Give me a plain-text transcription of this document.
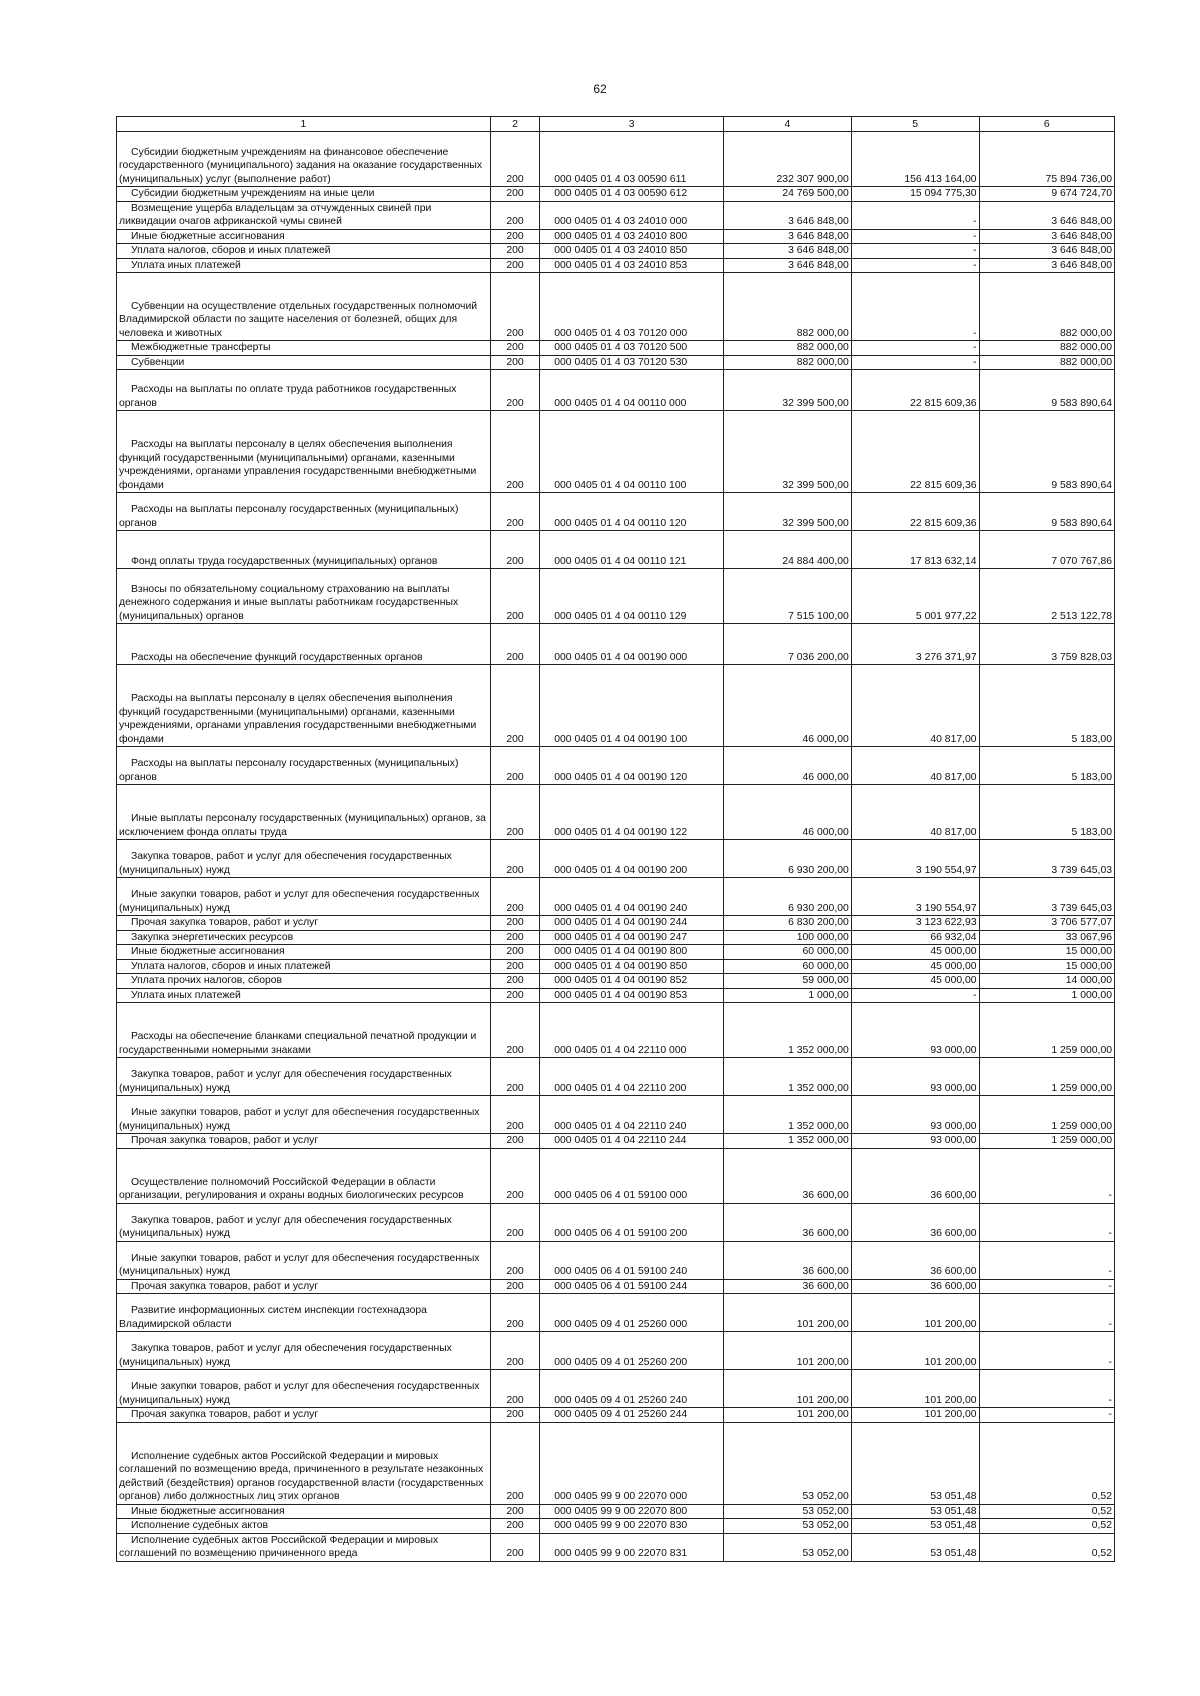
62
1	2	3	4	5	6

Субсидии бюджетным учреждениям на финансовое обеспечение государственного (муниципального) задания на оказание государственных (муниципальных) услуг (выполнение работ)	200	000 0405 01 4 03 00590 611	232 307 900,00	156 413 164,00	75 894 736,00

Субсидии бюджетным учреждениям на иные цели	200	000 0405 01 4 03 00590 612	24 769 500,00	15 094 775,30	9 674 724,70

Возмещение ущерба владельцам за отчужденных свиней при ликвидации очагов африканской чумы свиней	200	000 0405 01 4 03 24010 000	3 646 848,00	-	3 646 848,00

Иные бюджетные ассигнования	200	000 0405 01 4 03 24010 800	3 646 848,00	-	3 646 848,00

Уплата налогов, сборов и иных платежей	200	000 0405 01 4 03 24010 850	3 646 848,00	-	3 646 848,00

Уплата иных платежей	200	000 0405 01 4 03 24010 853	3 646 848,00	-	3 646 848,00

Субвенции на осуществление отдельных государственных полномочий Владимирской области по защите населения от болезней, общих для человека и животных	200	000 0405 01 4 03 70120 000	882 000,00	-	882 000,00

Межбюджетные трансферты	200	000 0405 01 4 03 70120 500	882 000,00	-	882 000,00

Субвенции	200	000 0405 01 4 03 70120 530	882 000,00	-	882 000,00

Расходы на выплаты по оплате труда работников государственных органов	200	000 0405 01 4 04 00110 000	32 399 500,00	22 815 609,36	9 583 890,64

Расходы на выплаты персоналу в целях обеспечения выполнения функций государственными (муниципальными) органами, казенными учреждениями, органами управления государственными внебюджетными фондами	200	000 0405 01 4 04 00110 100	32 399 500,00	22 815 609,36	9 583 890,64

Расходы на выплаты персоналу государственных (муниципальных) органов	200	000 0405 01 4 04 00110 120	32 399 500,00	22 815 609,36	9 583 890,64

Фонд оплаты труда государственных (муниципальных) органов	200	000 0405 01 4 04 00110 121	24 884 400,00	17 813 632,14	7 070 767,86

Взносы по обязательному социальному страхованию на выплаты денежного содержания и иные выплаты работникам государственных (муниципальных) органов	200	000 0405 01 4 04 00110 129	7 515 100,00	5 001 977,22	2 513 122,78

Расходы на обеспечение функций государственных органов	200	000 0405 01 4 04 00190 000	7 036 200,00	3 276 371,97	3 759 828,03

Расходы на выплаты персоналу в целях обеспечения выполнения функций государственными (муниципальными) органами, казенными учреждениями, органами управления государственными внебюджетными фондами	200	000 0405 01 4 04 00190 100	46 000,00	40 817,00	5 183,00

Расходы на выплаты персоналу государственных (муниципальных) органов	200	000 0405 01 4 04 00190 120	46 000,00	40 817,00	5 183,00

Иные выплаты персоналу государственных (муниципальных) органов, за исключением фонда оплаты труда	200	000 0405 01 4 04 00190 122	46 000,00	40 817,00	5 183,00

Закупка товаров, работ и услуг для обеспечения государственных (муниципальных) нужд	200	000 0405 01 4 04 00190 200	6 930 200,00	3 190 554,97	3 739 645,03

Иные закупки товаров, работ и услуг для обеспечения государственных (муниципальных) нужд	200	000 0405 01 4 04 00190 240	6 930 200,00	3 190 554,97	3 739 645,03

Прочая закупка товаров, работ и услуг	200	000 0405 01 4 04 00190 244	6 830 200,00	3 123 622,93	3 706 577,07

Закупка энергетических ресурсов	200	000 0405 01 4 04 00190 247	100 000,00	66 932,04	33 067,96

Иные бюджетные ассигнования	200	000 0405 01 4 04 00190 800	60 000,00	45 000,00	15 000,00

Уплата налогов, сборов и иных платежей	200	000 0405 01 4 04 00190 850	60 000,00	45 000,00	15 000,00

Уплата прочих налогов, сборов	200	000 0405 01 4 04 00190 852	59 000,00	45 000,00	14 000,00

Уплата иных платежей	200	000 0405 01 4 04 00190 853	1 000,00	-	1 000,00

Расходы на обеспечение бланками специальной печатной продукции и государственными номерными знаками	200	000 0405 01 4 04 22110 000	1 352 000,00	93 000,00	1 259 000,00

Закупка товаров, работ и услуг для обеспечения государственных (муниципальных) нужд	200	000 0405 01 4 04 22110 200	1 352 000,00	93 000,00	1 259 000,00

Иные закупки товаров, работ и услуг для обеспечения государственных (муниципальных) нужд	200	000 0405 01 4 04 22110 240	1 352 000,00	93 000,00	1 259 000,00

Прочая закупка товаров, работ и услуг	200	000 0405 01 4 04 22110 244	1 352 000,00	93 000,00	1 259 000,00

Осуществление полномочий Российской Федерации в области организации, регулирования и охраны водных биологических ресурсов	200	000 0405 06 4 01 59100 000	36 600,00	36 600,00	-

Закупка товаров, работ и услуг для обеспечения государственных (муниципальных) нужд	200	000 0405 06 4 01 59100 200	36 600,00	36 600,00	-

Иные закупки товаров, работ и услуг для обеспечения государственных (муниципальных) нужд	200	000 0405 06 4 01 59100 240	36 600,00	36 600,00	-

Прочая закупка товаров, работ и услуг	200	000 0405 06 4 01 59100 244	36 600,00	36 600,00	-

Развитие информационных систем инспекции гостехнадзора Владимирской области	200	000 0405 09 4 01 25260 000	101 200,00	101 200,00	-

Закупка товаров, работ и услуг для обеспечения государственных (муниципальных) нужд	200	000 0405 09 4 01 25260 200	101 200,00	101 200,00	-

Иные закупки товаров, работ и услуг для обеспечения государственных (муниципальных) нужд	200	000 0405 09 4 01 25260 240	101 200,00	101 200,00	-

Прочая закупка товаров, работ и услуг	200	000 0405 09 4 01 25260 244	101 200,00	101 200,00	-

Исполнение судебных актов Российской Федерации и мировых соглашений по возмещению вреда, причиненного в результате незаконных действий (бездействия) органов государственной власти (государственных органов) либо должностных лиц этих органов	200	000 0405 99 9 00 22070 000	53 052,00	53 051,48	0,52

Иные бюджетные ассигнования	200	000 0405 99 9 00 22070 800	53 052,00	53 051,48	0,52

Исполнение судебных актов	200	000 0405 99 9 00 22070 830	53 052,00	53 051,48	0,52

Исполнение судебных актов Российской Федерации и мировых соглашений по возмещению причиненного вреда	200	000 0405 99 9 00 22070 831	53 052,00	53 051,48	0,52
